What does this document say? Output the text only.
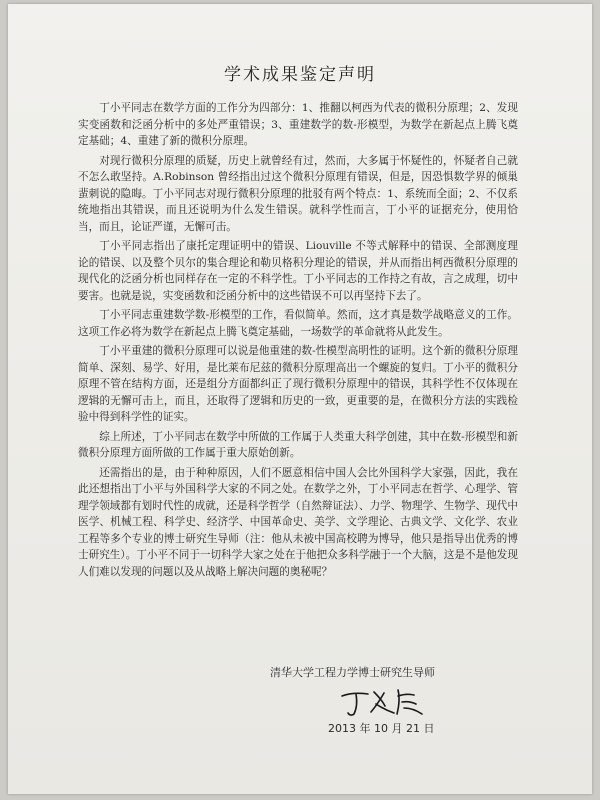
学术成果鉴定声明

丁小平同志在数学方面的工作分为四部分：1、推翻以柯西为代表的微积分原理；2、发现实变函数和泛函分析中的多处严重错误；3、重建数学的数-形模型，为数学在新起点上腾飞奠定基础；4、重建了新的微积分原理。

对现行微积分原理的质疑，历史上就曾经有过，然而，大多属于怀疑性的，怀疑者自己就不怎么敢坚持。A.Robinson 曾经指出过这个微积分原理有错误，但是，因恐惧数学界的倾巢蜚刺说的隐晦。丁小平同志对现行微积分原理的批驳有两个特点：1、系统而全面；2、不仅系统地指出其错误，而且还说明为什么发生错误。就科学性而言，丁小平的证据充分，使用恰当，而且，论证严谨，无懈可击。

丁小平同志指出了康托定理证明中的错误、Liouville 不等式解释中的错误、全部测度理论的错误、以及整个贝尔的集合理论和勒贝格积分理论的错误，并从而指出柯西微积分原理的现代化的泛函分析也同样存在一定的不科学性。丁小平同志的工作持之有故，言之成理，切中要害。也就是说，实变函数和泛函分析中的这些错误不可以再坚持下去了。

丁小平同志重建数学数-形模型的工作，看似简单。然而，这才真是数学战略意义的工作。这项工作必将为数学在新起点上腾飞奠定基础，一场数学的革命就将从此发生。

丁小平重建的微积分原理可以说是他重建的数-性模型高明性的证明。这个新的微积分原理简单、深刻、易学、好用，是比莱布尼兹的微积分原理高出一个螺旋的复归。丁小平的微积分原理不管在结构方面，还是组分方面都纠正了现行微积分原理中的错误，其科学性不仅体现在逻辑的无懈可击上，而且，还取得了逻辑和历史的一致，更重要的是，在微积分方法的实践检验中得到科学性的证实。

综上所述，丁小平同志在数学中所做的工作属于人类重大科学创建，其中在数-形模型和新微积分原理方面所做的工作属于重大原始创新。

还需指出的是，由于种种原因，人们不愿意相信中国人会比外国科学大家强，因此，我在此还想指出丁小平与外国科学大家的不同之处。在数学之外，丁小平同志在哲学、心理学、管理学领域都有划时代性的成就，还是科学哲学（自然辩证法）、力学、物理学、生物学、现代中医学、机械工程、科学史、经济学、中国革命史、美学、文学理论、古典文学、文化学、农业工程等多个专业的博士研究生导师（注：他从未被中国高校聘为博导，他只是指导出优秀的博士研究生）。丁小平不同于一切科学大家之处在于他把众多科学融于一个大脑，这是不是他发现人们难以发现的问题以及从战略上解决问题的奥秘呢？

清华大学工程力学博士研究生导师
2013 年 10 月 21 日
